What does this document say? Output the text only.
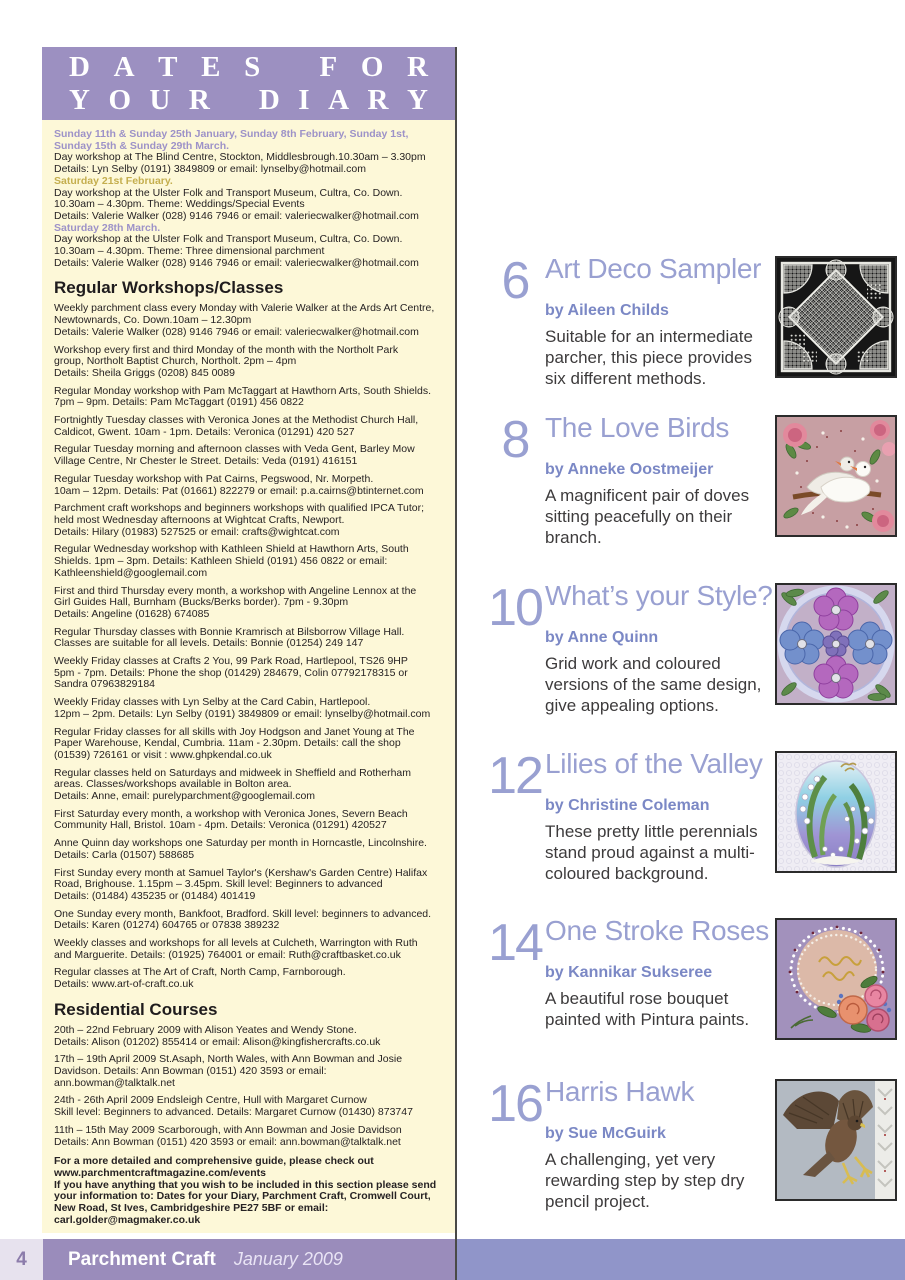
D A T E S F O R
Y O U R D I A R Y
Sunday 11th & Sunday 25th January, Sunday 8th February, Sunday 1st,
Sunday 15th & Sunday 29th March.
Day workshop at The Blind Centre, Stockton, Middlesbrough.10.30am – 3.30pm
Details: Lyn Selby (0191) 3849809 or email: lynselby@hotmail.com
Saturday 21st February.
Day workshop at the Ulster Folk and Transport Museum, Cultra, Co. Down.
10.30am – 4.30pm. Theme: Weddings/Special Events
Details: Valerie Walker (028) 9146 7946 or email: valeriecwalker@hotmail.com
Saturday 28th March.
Day workshop at the Ulster Folk and Transport Museum, Cultra, Co. Down.
10.30am – 4.30pm. Theme: Three dimensional parchment
Details: Valerie Walker (028) 9146 7946 or email: valeriecwalker@hotmail.com
Regular Workshops/Classes
Weekly parchment class every Monday with Valerie Walker at the Ards Art Centre,
Newtownards, Co. Down.10am – 12.30pm
Details: Valerie Walker (028) 9146 7946 or email: valeriecwalker@hotmail.com
Workshop every first and third Monday of the month with the Northolt Park
group, Northolt Baptist Church, Northolt. 2pm – 4pm
Details: Sheila Griggs (0208) 845 0089
Regular Monday workshop with Pam McTaggart at Hawthorn Arts, South Shields.
7pm – 9pm. Details: Pam McTaggart (0191) 456 0822
Fortnightly Tuesday classes with Veronica Jones at the Methodist Church Hall,
Caldicot, Gwent. 10am - 1pm. Details: Veronica (01291) 420 527
Regular Tuesday morning and afternoon classes with Veda Gent, Barley Mow
Village Centre, Nr Chester le Street. Details: Veda (0191) 416151
Regular Tuesday workshop with Pat Cairns, Pegswood, Nr. Morpeth.
10am – 12pm. Details: Pat (01661) 822279 or email: p.a.cairns@btinternet.com
Parchment craft workshops and beginners workshops with qualified IPCA Tutor;
held most Wednesday afternoons at Wightcat Crafts, Newport.
Details: Hilary (01983) 527525 or email: crafts@wightcat.com
Regular Wednesday workshop with Kathleen Shield at Hawthorn Arts, South
Shields. 1pm – 3pm. Details: Kathleen Shield (0191) 456 0822 or email:
Kathleenshield@googlemail.com
First and third Thursday every month, a workshop with Angeline Lennox at the
Girl Guides Hall, Burnham (Bucks/Berks border). 7pm - 9.30pm
Details: Angeline (01628) 674085
Regular Thursday classes with Bonnie Kramrisch at Bilsborrow Village Hall.
Classes are suitable for all levels. Details: Bonnie (01254) 249 147
Weekly Friday classes at Crafts 2 You, 99 Park Road, Hartlepool, TS26 9HP
5pm - 7pm. Details: Phone the shop (01429) 284679, Colin 07792178315 or
Sandra 07963829184
Weekly Friday classes with Lyn Selby at the Card Cabin, Hartlepool.
12pm – 2pm. Details: Lyn Selby (0191) 3849809 or email: lynselby@hotmail.com
Regular Friday classes for all skills with Joy Hodgson and Janet Young at The
Paper Warehouse, Kendal, Cumbria. 11am - 2.30pm. Details: call the shop
(01539) 726161 or visit : www.ghpkendal.co.uk
Regular classes held on Saturdays and midweek in Sheffield and Rotherham
areas. Classes/workshops available in Bolton area.
Details: Anne, email: purelyparchment@googlemail.com
First Saturday every month, a workshop with Veronica Jones, Severn Beach
Community Hall, Bristol. 10am - 4pm. Details: Veronica (01291) 420527
Anne Quinn day workshops one Saturday per month in Horncastle, Lincolnshire.
Details: Carla (01507) 588685
First Sunday every month at Samuel Taylor's (Kershaw's Garden Centre) Halifax
Road, Brighouse. 1.15pm – 3.45pm. Skill level: Beginners to advanced
Details: (01484) 435235 or (01484) 401419
One Sunday every month, Bankfoot, Bradford. Skill level: beginners to advanced.
Details: Karen (01274) 604765 or 07838 389232
Weekly classes and workshops for all levels at Culcheth, Warrington with Ruth
and Marguerite. Details: (01925) 764001 or email: Ruth@craftbasket.co.uk
Regular classes at The Art of Craft, North Camp, Farnborough.
Details: www.art-of-craft.co.uk
Residential Courses
20th – 22nd February 2009 with Alison Yeates and Wendy Stone.
Details: Alison (01202) 855414 or email: Alison@kingfishercrafts.co.uk
17th – 19th April 2009 St.Asaph, North Wales, with Ann Bowman and Josie
Davidson. Details: Ann Bowman (0151) 420 3593 or email:
ann.bowman@talktalk.net
24th - 26th April 2009 Endsleigh Centre, Hull with Margaret Curnow
Skill level: Beginners to advanced. Details: Margaret Curnow (01430) 873747
11th – 15th May 2009 Scarborough, with Ann Bowman and Josie Davidson
Details: Ann Bowman (0151) 420 3593 or email: ann.bowman@talktalk.net
For a more detailed and comprehensive guide, please check out
www.parchmentcraftmagazine.com/events
If you have anything that you wish to be included in this section please send
your information to: Dates for your Diary, Parchment Craft, Cromwell Court,
New Road, St Ives, Cambridgeshire PE27 5BF or email:
carl.golder@magmaker.co.uk
6 Art Deco Sampler
by Aileen Childs
Suitable for an intermediate parcher, this piece provides six different methods.
8 The Love Birds
by Anneke Oostmeijer
A magnificent pair of doves sitting peacefully on their branch.
10 What’s your Style?
by Anne Quinn
Grid work and coloured versions of the same design, give appealing options.
12 Lilies of the Valley
by Christine Coleman
These pretty little perennials stand proud against a multi-coloured background.
14 One Stroke Roses
by Kannikar Sukseree
A beautiful rose bouquet painted with Pintura paints.
16 Harris Hawk
by Sue McGuirk
A challenging, yet very rewarding step by step dry pencil project.
4 Parchment Craft January 2009
